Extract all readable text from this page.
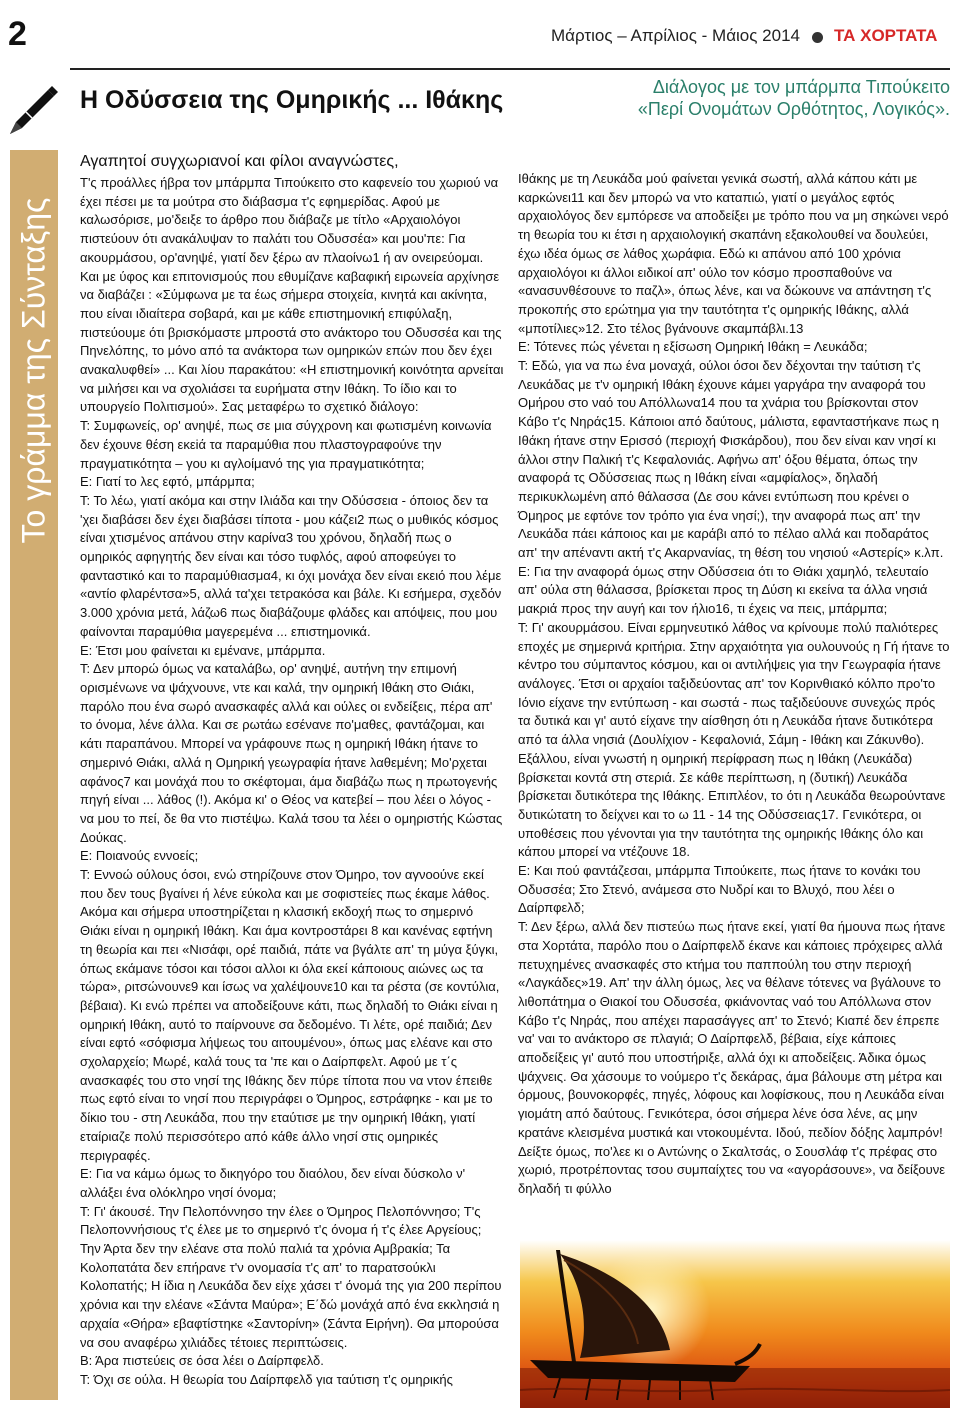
2	Μάρτιος – Απρίλιος - Μάιος 2014 ΤΑ ΧΟΡΤΑΤΑ
Το γράμμα της Σύνταξης
Η Οδύσσεια της Ομηρικής ... Ιθάκης	Διάλογος με τον μπάρμπα Τιπούκειτο
«Περί Ονομάτων Ορθότητος, Λογικός».

Αγαπητοί συγχωριανοί και φίλοι αναγνώστες,

Τ'ς προάλλες ήβρα τον μπάρμπα Τιπούκειτο στο καφενείο του χωριού να έχει πέσει με τα μούτρα στο διάβασμα τ'ς εφημερίδας. Αφού με καλωσόρισε, μο'δειξε το άρθρο που διάβαζε με τίτλο «Αρχαιολόγοι πιστεύουν ότι ανακάλυψαν το παλάτι του Οδυσσέα» και μου'πε: Για ακουρμάσου, ορ'ανηψέ, γιατί δεν ξέρω αν πλαοίνω1 ή αν ονειρεύομαι. Και με ύφος και επιτονισμούς που εθυμίζανε καβαφική ειρωνεία αρχίνησε να διαβάζει : «Σύμφωνα με τα έως σήμερα στοιχεία, κινητά και ακίνητα, που είναι ιδιαίτερα σοβαρά, και με κάθε επιστημονική επιφύλαξη, πιστεύουμε ότι βρισκόμαστε μπροστά στο ανάκτορο του Οδυσσέα και της Πηνελόπης, το μόνο από τα ανάκτορα των ομηρικών επών που δεν έχει ανακαλυφθεί» ... Και λίου παρακάτου: «Η επιστημονική κοινότητα αρνείται να μιλήσει και να σχολιάσει τα ευρήματα στην Ιθάκη. Το ίδιο και το υπουργείο Πολιτισμού». Σας μεταφέρω το σχετικό διάλογο:

Τ: Συμφωνείς, ορ' ανηψέ, πως σε μια σύγχρονη και φωτισμένη κοινωνία δεν έχουνε θέση εκεiά τα παραμύθια που πλαστογραφούνε την πραγματικότητα – γου κι αγλοίμανό της για πραγματικότητα;

Ε: Γιατί το λες εφτό, μπάρμπα;

Τ: Το λέω, γιατί ακόμα και στην Ιλιάδα και την Οδύσσεια - όποιος δεν τα 'χει διαβάσει δεν έχει διαβάσει τίποτα - μου κάζει2 πως ο μυθικός κόσμος είναι χτισμένος απάνου στην καρίνα3 του χρόνου, δηλαδή πως ο ομηρικός αφηγητής δεν είναι και τόσο τυφλός, αφού αποφεύγει το φανταστικό και το παραμύθιασμα4, κι όχι μονάχα δεν είναι εκειό που λέμε «αντίο φλαρέντσα»5, αλλά τα'χει τετρακόσα και βάλε. Κι εσήμερα, σχεδόν 3.000 χρόνια μετά, λάζω6 πως διαβάζουμε φλάδες και απόψεις, που μου φαίνονται παραμύθια μαγερεμένα ... επιστημονικά.

Ε: Έτσι μου φαίνεται κι εμένανε, μπάρμπα.

Τ: Δεν μπορώ όμως να καταλάβω, ορ' ανηψέ, αυτήνη την επιμονή ορισμένωνε να ψάχνουνε, ντε και καλά, την ομηρική Ιθάκη στο Θιάκι, παρόλο που ένα σωρό ανασκαφές αλλά και ούλες οι ενδείξεις, πέρα απ' το όνομα, λένε άλλα. Και σε ρωτάω εσένανε πο'μαθες, φαντάζομαι, και κάτι παραπάνου. Μπορεί να γράφουνε πως η ομηρική Ιθάκη ήτανε το σημερινό Θιάκι, αλλά η Ομηρική γεωγραφία ήτανε λαθεμένη; Μο'ρχεται αφάνος7 και μονάχά που το σκέφτομαι, άμα διαβάζω πως η πρωτογενής πηγή είναι ... λάθος (!). Ακόμα κι' ο Θέος να κατεβεί – που λέει ο λόγος - να μου το πεί, δε θα ντο πιστέψω. Καλά τσου τα λέει ο ομηριστής Κώστας Δούκας.

Ε: Ποιανούς εννοείς;

Τ: Εννοώ ούλους όσοι, ενώ στηρίζουνε στον Όμηρο, τον αγνοούνε εκεί που δεν τους βγαίνει ή λένε εύκολα και με σοφιστείες πως έκαμε λάθος. Ακόμα και σήμερα υποστηρίζεται η κλασική εκδοχή πως το σημερινό Θιάκι είναι η ομηρική Ιθάκη. Και άμα κοντροστάρει 8 και κανένας εφτήνη τη θεωρία και πει «Νισάφι, ορέ παιδιά, πάτε να βγάλτε απ' τη μύγα ξύγκι, όπως εκάμανε τόσοι και τόσοι αλλοι κι όλα εκεί κάποιους αιώνες ως τα τώρα», ριτσώνουνε9 και ίσως να χαλέψουνε10 και τα ρέστα (σε κοντύλια, βέβαια). Κι ενώ πρέπει να αποδείξουνε κάτι, πως δηλαδή το Θιάκι είναι η ομηρική Ιθάκη, αυτό το παίρνουνε σα δεδομένο. Τι λέτε, ορέ παιδιά; Δεν είναι εφτό «σόφισμα λήψεως του αιτουμένου», όπως μας ελέανε και στο σχολαρχείο; Μωρέ, καλά τους τα 'πε και ο Δαίρπφελτ. Αφού με τ΄ς ανασκαφές του στο νησί της Ιθάκης δεν πύρε τίποτα που να ντον έπειθε πως εφτό είναι το νησί που περιγράφει ο Όμηρος, εστράφηκε - και με το δίκιο του - στη Λευκάδα, που την εταύτισε με την ομηρική Ιθάκη, γιατί εταίριαζε πολύ περισσότερο από κάθε άλλο νησί στις ομηρικές περιγραφές.

Ε: Για να κάμω όμως το δικηγόρο του διαόλου, δεν είναι δύσκολο ν' αλλάξει ένα ολόκληρο νησί όνομα;

Τ: Γι' άκουσέ. Την Πελοπόννησο την έλεε ο Όμηρος Πελοπόννησο; Τ'ς Πελοποννήσιους τ'ς έλεε με το σημερινό τ'ς όνομα ή τ'ς έλεε Αργείους; Την Άρτα δεν την ελέανε στα πολύ παλιά τα χρόνια Αμβρακία; Τα Κολοπατάτα δεν επήρανε τ'ν ονομασία τ'ς απ' το παρατσούκλι Κολοπατής; Η ίδια η Λευκάδα δεν είχε χάσει τ' όνομά της για 200 περίπου χρόνια και την ελέανε «Σάντα Μαύρα»; Ε΄δώ μονάχά από ένα εκκλησιά η αρχαία «Θήρα» εβαφτίστηκε «Σαντορίνη» (Σάντα Ειρήνη). Θα μπορούσα να σου αναφέρω χιλιάδες τέτοιες περιπτώσεις.

Β: Άρα πιστεύεις σε όσα λέει ο Δαίρπφελδ.

Τ: Όχι σε ούλα. Η θεωρία του Δαίρπφελδ για ταύτιση τ'ς ομηρικής

Ιθάκης με τη Λευκάδα μού φαίνεται γενικά σωστή, αλλά κάπου κάτι με καρκώνει11 και δεν μπορώ να ντο καταπιώ, γιατί ο μεγάλος εφτός αρχαιολόγος δεν εμπόρεσε να αποδείξει με τρόπο που να μη σηκώνει νερό τη θεωρία του κι έτσι η αρχαιολογική σκαπάνη εξακολουθεί να δουλεύει, έχω ιδέα όμως σε λάθος χωράφια. Εδώ κι απάνου από 100 χρόνια αρχαιολόγοι κι άλλοι ειδικοί απ' ούλο τον κόσμο προσπαθούνε να «ανασυνθέσουνε το παζλ», όπως λένε, και να δώκουνε να απάντηση τ'ς προκοπής στο ερώτημα για την ταυτότητα τ'ς ομηρικής Ιθάκης, αλλά «μποτίλιες»12. Στο τέλος βγάνουνε σκαμπάβλι.13

Ε: Τότενες πώς γένεται η εξίσωση Ομηρική Ιθάκη = Λευκάδα;

Τ: Εδώ, για να πω ένα μοναχά, ούλοι όσοι δεν δέχονται την ταύτιση τ'ς Λευκάδας με τ'ν ομηρική Ιθάκη έχουνε κάμει γαργάρα την αναφορά του Ομήρου στο ναό του Απόλλωνα14 που τα χνάρια του βρίσκονται στον Κάβο τ'ς Νηράς15. Κάποιοι από δαύτους, μάλιστα, εφανταστήκανε πως η Ιθάκη ήτανε στην Ερισσό (περιοχή Φισκάρδου), που δεν είναι καν νησί κι άλλοι στην Παλική τ'ς Κεφαλονιάς. Αφήνω απ' όξου θέματα, όπως την αναφορά τς Οδύσσειας πως η Ιθάκη είναι «αμφίαλος», δηλαδή περικυκλωμένη από θάλασσα (Δε σου κάνει εντύπωση που κρένει ο Όμηρος με εφτόνε τον τρόπο για ένα νησί;), την αναφορά πως απ' την Λευκάδα πάει κάποιος και με καράβι από το πέλαο αλλά και ποδαράτος απ' την απέναντι ακτή τ'ς Ακαρνανίας, τη θέση του νησιού «Αστερίς» κ.λπ.

Ε: Για την αναφορά όμως στην Οδύσσεια ότι το Θιάκι χαμηλό, τελευταίο απ' ούλα στη θάλασσα, βρίσκεται προς τη Δύση κι εκείνα τα άλλα νησιά μακριά προς την αυγή και τον ήλιο16, τι έχεις να πεις, μπάρμπα;

Τ: Γι' ακουρμάσου. Είναι ερμηνευτικό λάθος να κρίνουμε πολύ παλιότερες εποχές με σημερινά κριτήρια. Στην αρχαιότητα για ουλουνούς η Γή ήτανε το κέντρο του σύμπαντος κόσμου, και οι αντιλήψεις για την Γεωγραφία ήτανε ανάλογες. Έτσι οι αρχαίοι ταξιδεύοντας απ' τον Κορινθιακό κόλπο προ'το Ιόνιο είχανε την εντύπωση - και σωστά - πως ταξιδεύουνε συνεχώς πρός τα δυτικά και γι' αυτό είχανε την αίσθηση ότι η Λευκάδα ήτανε δυτικότερα από τα άλλα νησιά (Δουλίχιον - Κεφαλονιά, Σάμη - Ιθάκη και Ζάκυνθο). Εξάλλου, είναι γνωστή η ομηρική περίφραση πως η Ιθάκη (Λευκάδα) βρίσκεται κοντά στη στεριά. Σε κάθε περίπτωση, η (δυτική) Λευκάδα βρίσκεται δυτικότερα της Ιθάκης. Επιπλέον, το ότι η Λευκάδα θεωρούντανε δυτικώτατη το δείχνει και το ω 11 - 14 της Οδύσσειας17. Γενικότερα, οι υποθέσεις που γένονται για την ταυτότητα της ομηρικής Ιθάκης όλο και κάπου μπορεί να ντέζουνε 18.

Ε: Και πού φαντάζεσαι, μπάρμπα Τιπούκειτε, πως ήτανε το κονάκι του Οδυσσέα; Στο Στενό, ανάμεσα στο Νυδρί και το Βλυχό, που λέει ο Δαίρπφελδ;

Τ: Δεν ξέρω, αλλά δεν πιστεύω πως ήτανε εκεί, γιατί θα ήμουνα πως ήτανε στα Χορτάτα, παρόλο που ο Δαίρπφελδ έκανε και κάποιες πρόχειρες αλλά πετυχημένες ανασκαφές στο κτήμα του παππούλη του στην περιοχή «Λαγκάδες»19. Απ' την άλλη όμως, λες να θέλανε τότενες να βγάλουνε το λιθοπάτημα ο Θιακοί του Οδυσσέα, φκιάνοντας ναό του Απόλλωνα στον Κάβο τ'ς Νηράς, που απέχει παρασάγγες απ' το Στενό; Κιαπέ δεν έπρεπε να' ναι το ανάκτορο σε πλαγιά; Ο Δαίρπφελδ, βέβαια, είχε κάποιες αποδείξεις γι' αυτό που υποστήριξε, αλλά όχι κι αποδείξεις. Άδικα όμως ψάχνεις. Θα χάσουμε το νούμερο τ'ς δεκάρας, άμα βάλουμε στη μέτρα και όρμους, βουνοκορφές, πηγές, λόφους και λοφίσκους, που η Λευκάδα είναι γιομάτη από δαύτους. Γενικότερα, όσοι σήμερα λένε όσα λένε, ας μην κρατάνε κλεισμένα μυστικά και ντοκουμέντα. Ιδού, πεδίον δόξης λαμπρόν! Δείξτε όμως, πο'λεε κι ο Αντώνης ο Σκαλτσάς, ο Σουσλάφ τ'ς πρέφας στο χωριό, προτρέποντας τσου συμπαίχτες του να «αγοράσουνε», να δείξουνε δηλαδή τι φύλλο
